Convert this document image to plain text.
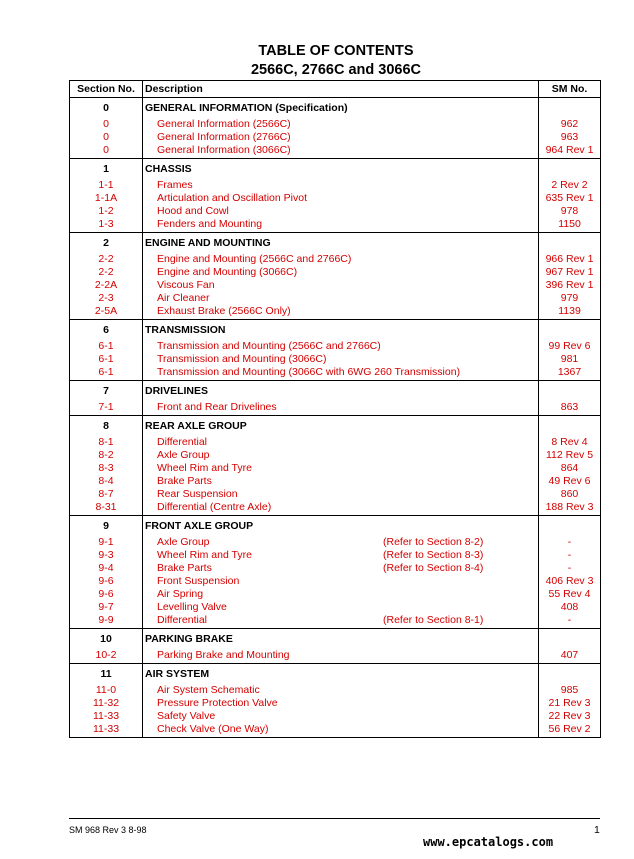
TABLE OF CONTENTS
2566C, 2766C and 3066C
Section No.	Description	SM No.
0	GENERAL INFORMATION (Specification)	
0	General Information (2566C)	962
0	General Information (2766C)	963
0	General Information (3066C)	964 Rev 1
1	CHASSIS	
1-1	Frames	2 Rev 2
1-1A	Articulation and Oscillation Pivot	635 Rev 1
1-2	Hood and Cowl	978
1-3	Fenders and Mounting	1150
2	ENGINE AND MOUNTING	
2-2	Engine and Mounting (2566C and 2766C)	966 Rev 1
2-2	Engine and Mounting (3066C)	967 Rev 1
2-2A	Viscous Fan	396 Rev 1
2-3	Air Cleaner	979
2-5A	Exhaust Brake (2566C Only)	1139
6	TRANSMISSION	
6-1	Transmission and Mounting (2566C and 2766C)	99 Rev 6
6-1	Transmission and Mounting (3066C)	981
6-1	Transmission and Mounting (3066C with 6WG 260 Transmission)	1367
7	DRIVELINES	
7-1	Front and Rear Drivelines	863
8	REAR AXLE GROUP	
8-1	Differential	8 Rev 4
8-2	Axle Group	112 Rev 5
8-3	Wheel Rim and Tyre	864
8-4	Brake Parts	49 Rev 6
8-7	Rear Suspension	860
8-31	Differential (Centre Axle)	188 Rev 3
9	FRONT AXLE GROUP	
9-1	Axle Group (Refer to Section 8-2)	-
9-3	Wheel Rim and Tyre (Refer to Section 8-3)	-
9-4	Brake Parts (Refer to Section 8-4)	-
9-6	Front Suspension	406 Rev 3
9-6	Air Spring	55 Rev 4
9-7	Levelling Valve	408
9-9	Differential (Refer to Section 8-1)	-
10	PARKING BRAKE	
10-2	Parking Brake and Mounting	407
11	AIR SYSTEM	
11-0	Air System Schematic	985
11-32	Pressure Protection Valve	21 Rev 3
11-33	Safety Valve	22 Rev 3
11-33	Check Valve (One Way)	56 Rev 2
SM 968 Rev 3 8-98	1
www.epcatalogs.com
